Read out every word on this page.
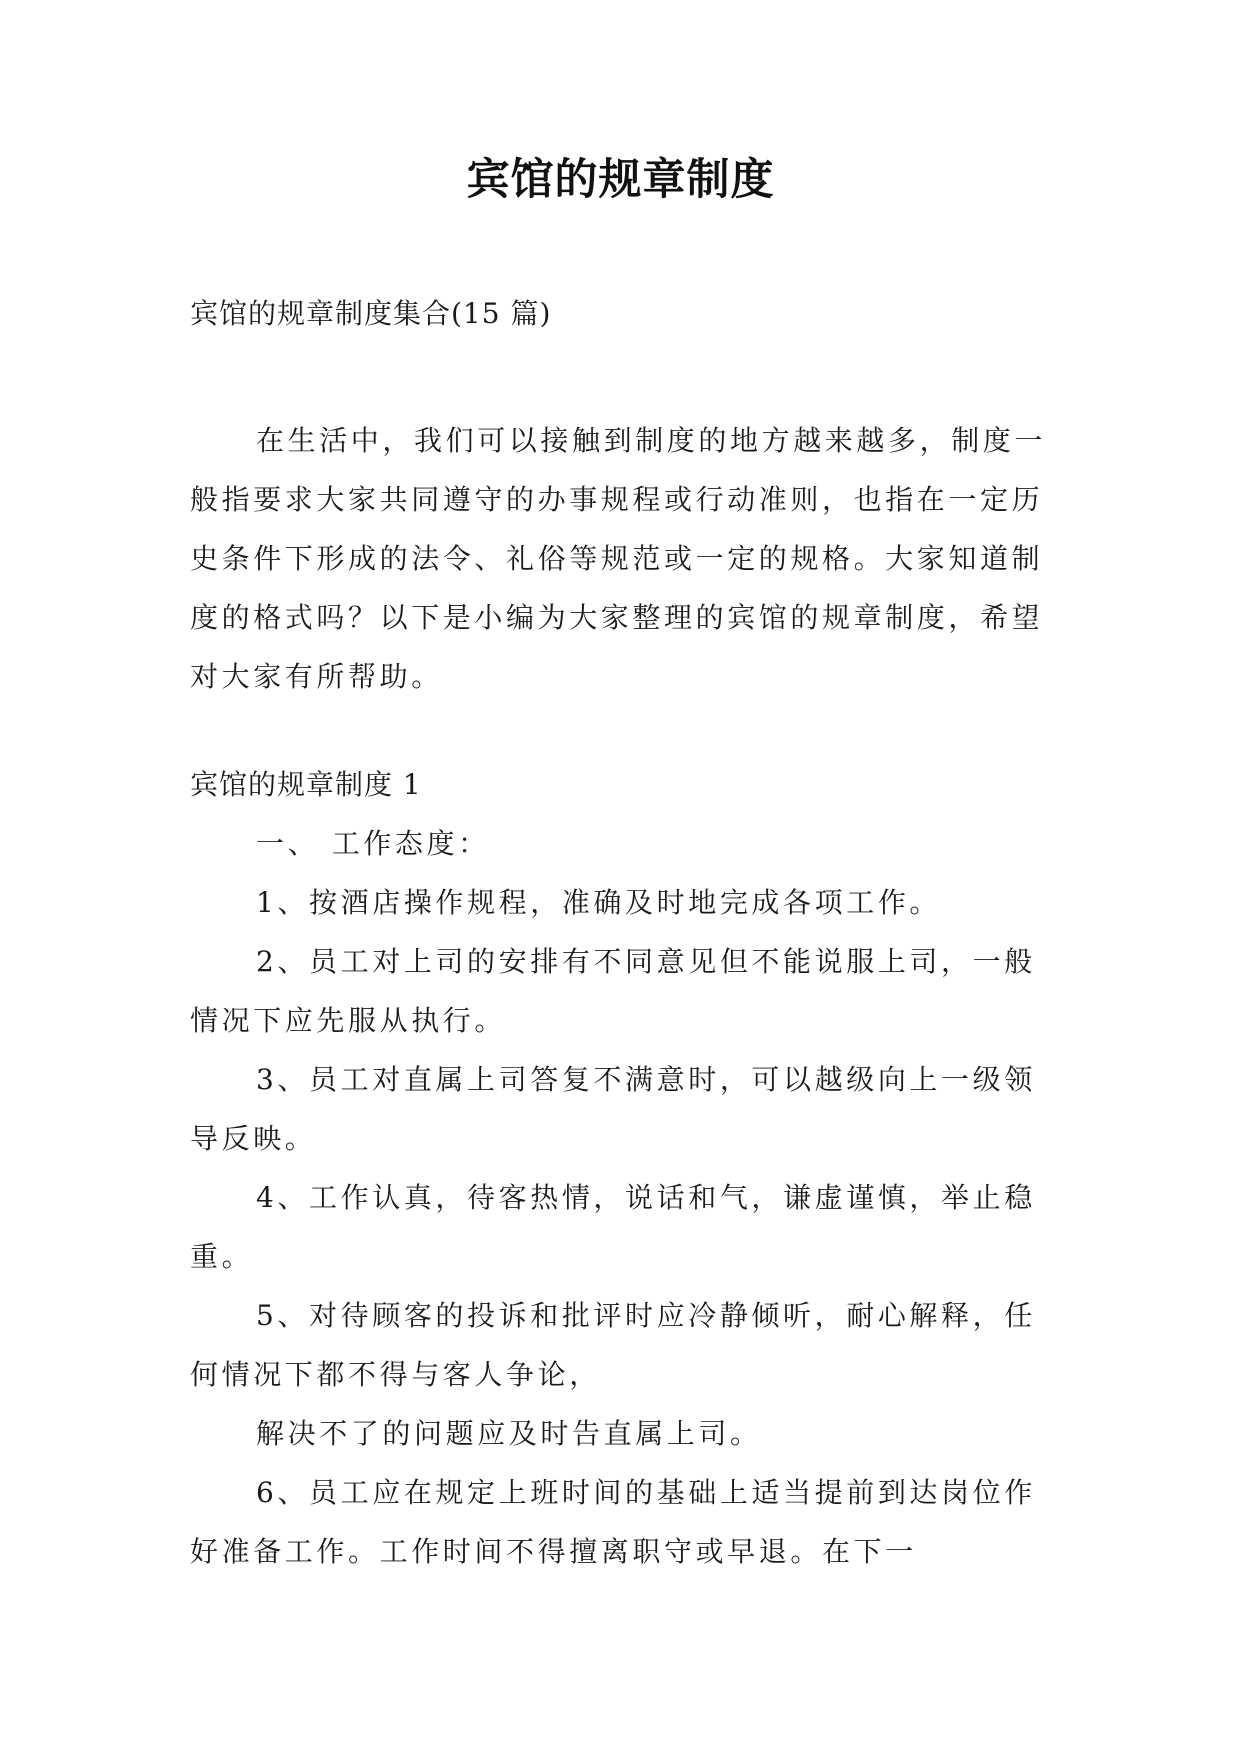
宾馆的规章制度
宾馆的规章制度集合(15 篇)

在生活中，我们可以接触到制度的地方越来越多，制度一般指要求大家共同遵守的办事规程或行动准则，也指在一定历史条件下形成的法令、礼俗等规范或一定的规格。大家知道制度的格式吗？以下是小编为大家整理的宾馆的规章制度，希望对大家有所帮助。

宾馆的规章制度 1

一、 工作态度：

1、按酒店操作规程，准确及时地完成各项工作。

2、员工对上司的安排有不同意见但不能说服上司，一般情况下应先服从执行。

3、员工对直属上司答复不满意时，可以越级向上一级领导反映。

4、工作认真，待客热情，说话和气，谦虚谨慎，举止稳重。

5、对待顾客的投诉和批评时应冷静倾听，耐心解释，任何情况下都不得与客人争论，

解决不了的问题应及时告直属上司。

6、员工应在规定上班时间的基础上适当提前到达岗位作好准备工作。工作时间不得擅离职守或早退。在下一
